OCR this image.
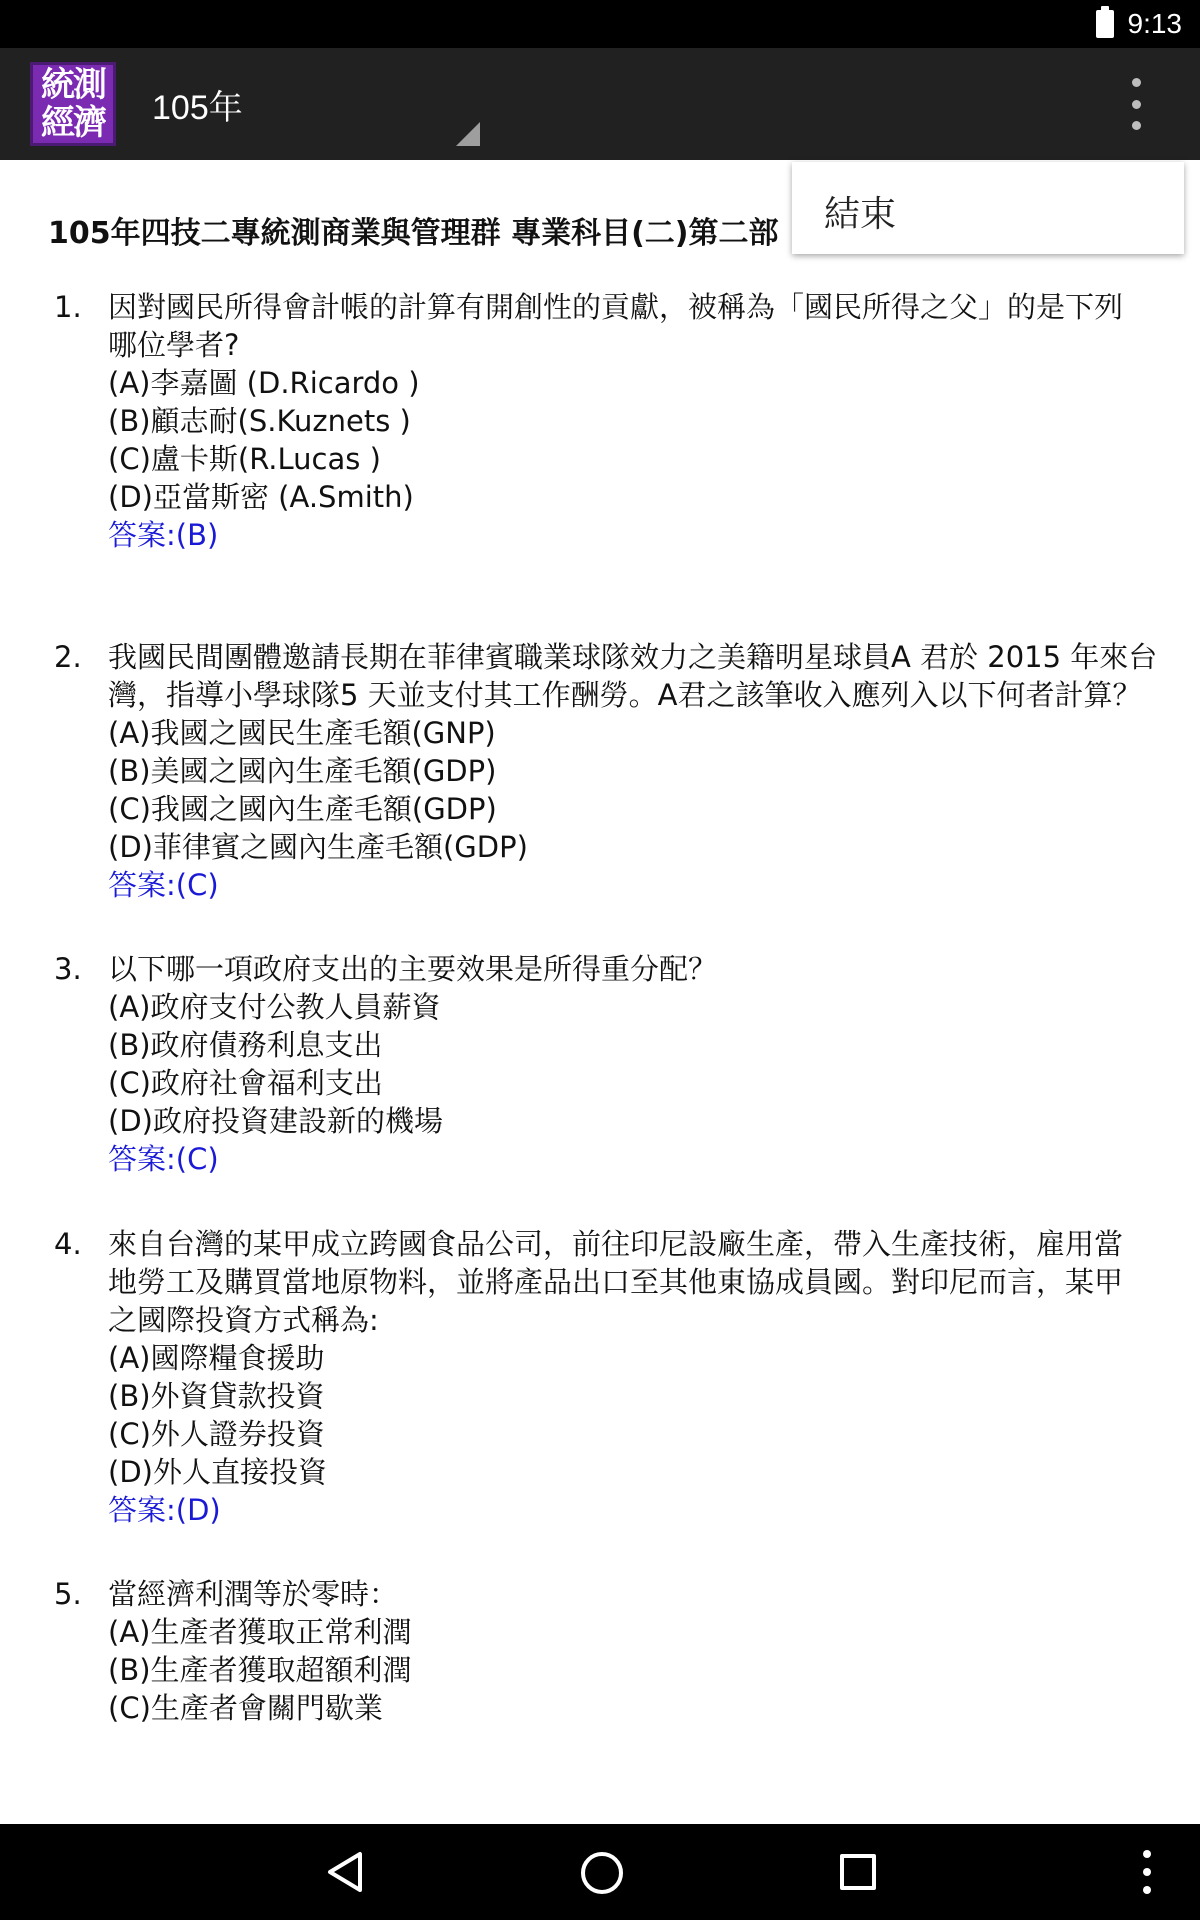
9:13
統測
經濟 105年
結束
105年四技二專統測商業與管理群 專業科目(二)第二部
1. 因對國民所得會計帳的計算有開創性的貢獻，被稱為「國民所得之父」的是下列哪位學者?
(A)李嘉圖 (D.Ricardo )
(B)顧志耐(S.Kuznets )
(C)盧卡斯(R.Lucas )
(D)亞當斯密 (A.Smith)
答案:(B)
2. 我國民間團體邀請長期在菲律賓職業球隊效力之美籍明星球員A 君於 2015 年來台灣，指導小學球隊5 天並支付其工作酬勞。A君之該筆收入應列入以下何者計算？
(A)我國之國民生產毛額(GNP)
(B)美國之國內生產毛額(GDP)
(C)我國之國內生產毛額(GDP)
(D)菲律賓之國內生產毛額(GDP)
答案:(C)
3. 以下哪一項政府支出的主要效果是所得重分配？
(A)政府支付公教人員薪資
(B)政府債務利息支出
(C)政府社會福利支出
(D)政府投資建設新的機場
答案:(C)
4. 來自台灣的某甲成立跨國食品公司，前往印尼設廠生產，帶入生產技術，雇用當地勞工及購買當地原物料，並將產品出口至其他東協成員國。對印尼而言，某甲之國際投資方式稱為:
(A)國際糧食援助
(B)外資貸款投資
(C)外人證券投資
(D)外人直接投資
答案:(D)
5. 當經濟利潤等於零時：
(A)生產者獲取正常利潤
(B)生產者獲取超額利潤
(C)生產者會關門歇業
